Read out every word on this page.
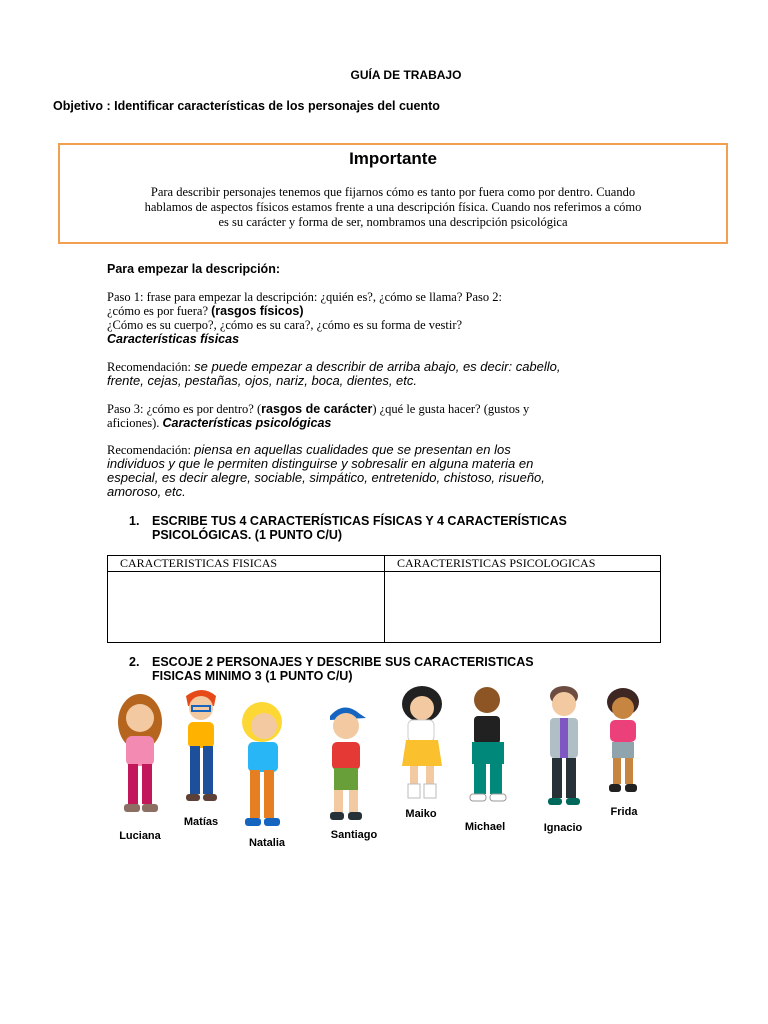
GUÍA DE TRABAJO
Objetivo : Identificar características de los personajes del cuento
Importante
Para describir personajes tenemos que fijarnos cómo es tanto por fuera como por dentro. Cuando
hablamos de aspectos físicos estamos frente a una descripción física. Cuando nos referimos a cómo
es su carácter y forma de ser, nombramos una descripción psicológica
Para empezar la descripción:
Paso 1: frase para empezar la descripción: ¿quién es?, ¿cómo se llama? Paso 2:
¿cómo es por fuera? (rasgos físicos)
¿Cómo es su cuerpo?, ¿cómo es su cara?, ¿cómo es su forma de vestir?
Características físicas
Recomendación: se puede empezar a describir de arriba abajo, es decir: cabello,
frente, cejas, pestañas, ojos, nariz, boca, dientes, etc.
Paso 3: ¿cómo es por dentro? (rasgos de carácter) ¿qué le gusta hacer? (gustos y
aficiones). Características psicológicas
Recomendación: piensa en aquellas cualidades que se presentan en los
individuos y que le permiten distinguirse y sobresalir en alguna materia en
especial, es decir alegre, sociable, simpático, entretenido, chistoso, risueño,
amoroso, etc.
1. ESCRIBE TUS 4 CARACTERÍSTICAS FÍSICAS Y 4 CARACTERÍSTICAS
PSICOLÓGICAS. (1 PUNTO C/U)
CARACTERISTICAS FISICAS	CARACTERISTICAS PSICOLOGICAS

2. ESCOJE 2 PERSONAJES Y DESCRIBE SUS CARACTERISTICAS
FISICAS MINIMO 3 (1 PUNTO C/U)
Luciana
Matías
Natalia
Santiago
Maiko
Michael	Ignacio
Frida
